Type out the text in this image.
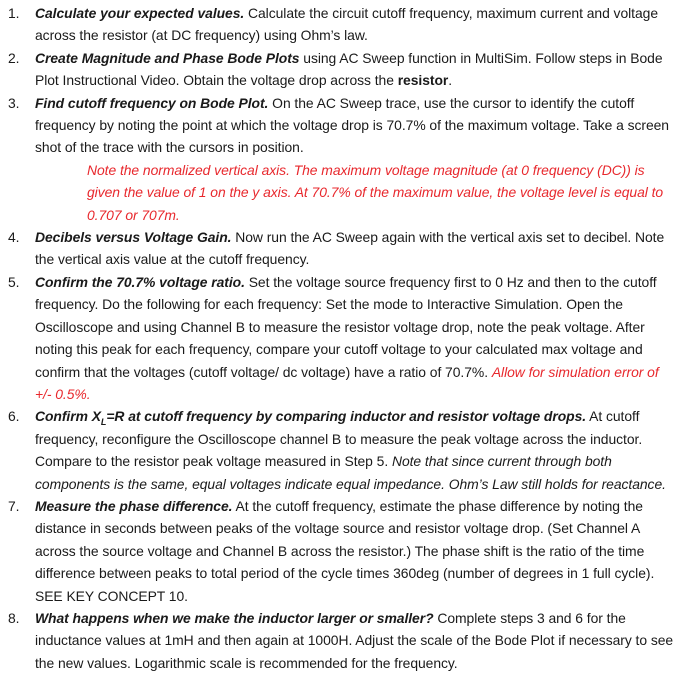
1.	Calculate your expected values. Calculate the circuit cutoff frequency, maximum current and voltage across the resistor (at DC frequency) using Ohm’s law.
2.	Create Magnitude and Phase Bode Plots using AC Sweep function in MultiSim. Follow steps in Bode Plot Instructional Video. Obtain the voltage drop across the resistor.
3.	Find cutoff frequency on Bode Plot. On the AC Sweep trace, use the cursor to identify the cutoff frequency by noting the point at which the voltage drop is 70.7% of the maximum voltage. Take a screen shot of the trace with the cursors in position.
Note the normalized vertical axis. The maximum voltage magnitude (at 0 frequency (DC)) is given the value of 1 on the y axis. At 70.7% of the maximum value, the voltage level is equal to 0.707 or 707m.
4.	Decibels versus Voltage Gain. Now run the AC Sweep again with the vertical axis set to decibel. Note the vertical axis value at the cutoff frequency.
5.	Confirm the 70.7% voltage ratio. Set the voltage source frequency first to 0 Hz and then to the cutoff frequency. Do the following for each frequency: Set the mode to Interactive Simulation. Open the Oscilloscope and using Channel B to measure the resistor voltage drop, note the peak voltage. After noting this peak for each frequency, compare your cutoff voltage to your calculated max voltage and confirm that the voltages (cutoff voltage/ dc voltage) have a ratio of 70.7%. Allow for simulation error of +/- 0.5%.
6.	Confirm $X_L=R$ at cutoff frequency by comparing inductor and resistor voltage drops. At cutoff frequency, reconfigure the Oscilloscope channel B to measure the peak voltage across the inductor. Compare to the resistor peak voltage measured in Step 5. Note that since current through both components is the same, equal voltages indicate equal impedance. Ohm’s Law still holds for reactance.
7.	Measure the phase difference. At the cutoff frequency, estimate the phase difference by noting the distance in seconds between peaks of the voltage source and resistor voltage drop. (Set Channel A across the source voltage and Channel B across the resistor.) The phase shift is the ratio of the time difference between peaks to total period of the cycle times 360deg (number of degrees in 1 full cycle). SEE KEY CONCEPT 10.
8.	What happens when we make the inductor larger or smaller? Complete steps 3 and 6 for the inductance values at 1mH and then again at 1000H. Adjust the scale of the Bode Plot if necessary to see the new values. Logarithmic scale is recommended for the frequency.
